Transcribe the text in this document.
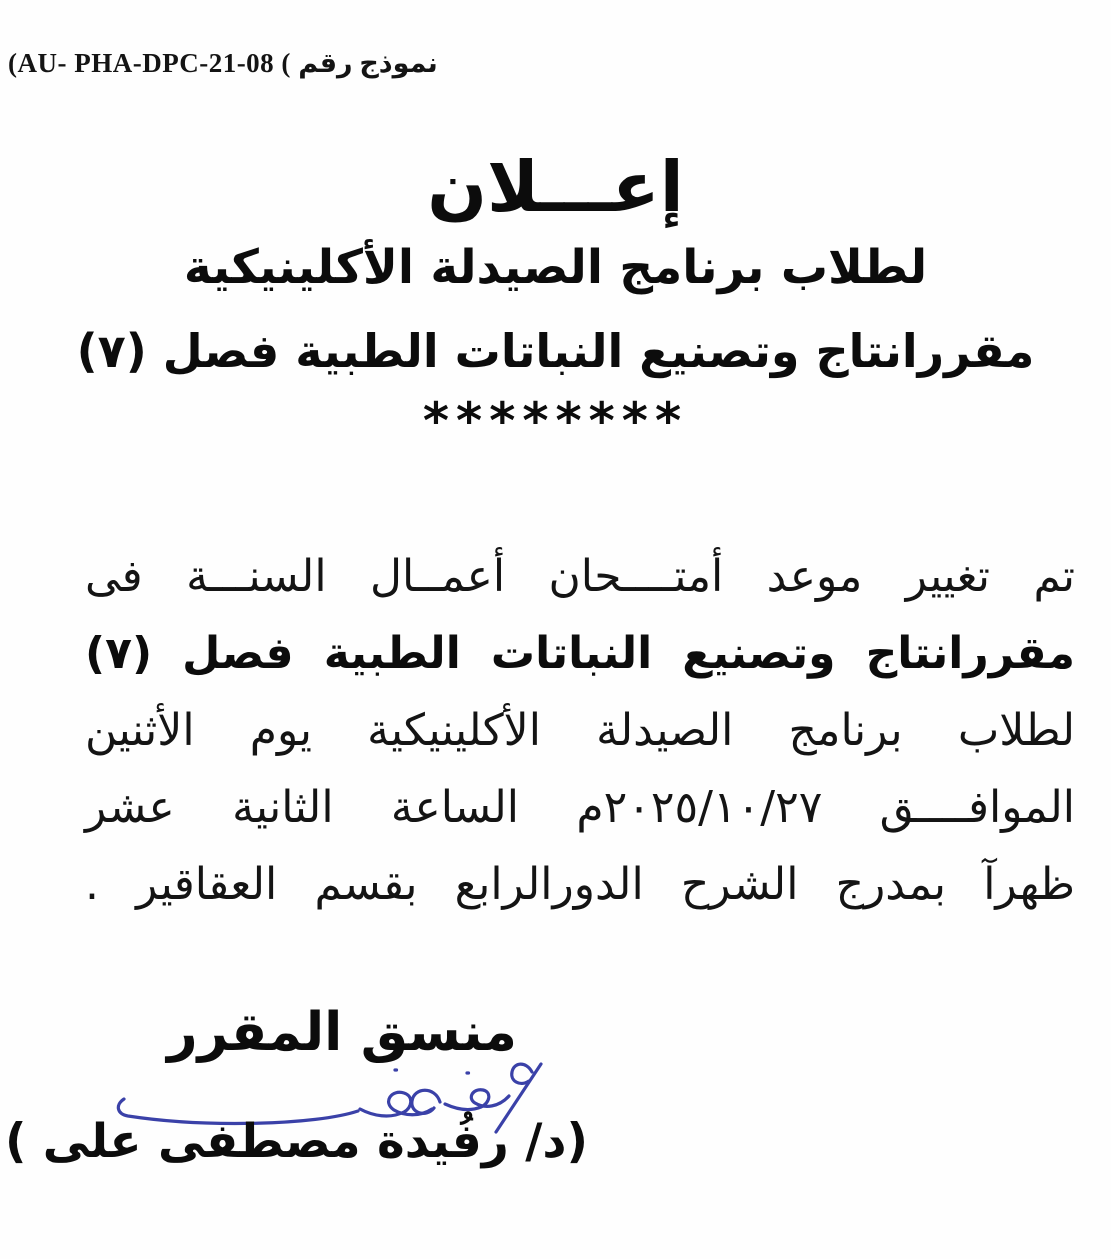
(AU- PHA-DPC-21-08 ( نموذج رقم
إعـــلان
لطلاب برنامج الصيدلة الأكلينيكية
مقررانتاج وتصنيع النباتات الطبية فصل (٧)
********
تم تغيير موعد أمتــــحان أعمــال السنـــة فى
مقررانتاج وتصنيع النباتات الطبية فصل (٧)
لطلاب برنامج الصيدلة الأكلينيكية يوم الأثنين
الموافــــق ٢٠٢٥/١٠/٢٧م الساعة الثانية عشر
ظهرآ بمدرج الشرح الدورالرابع بقسم العقاقير .
منسق المقرر
(د/ رفُيدة مصطفى على )
